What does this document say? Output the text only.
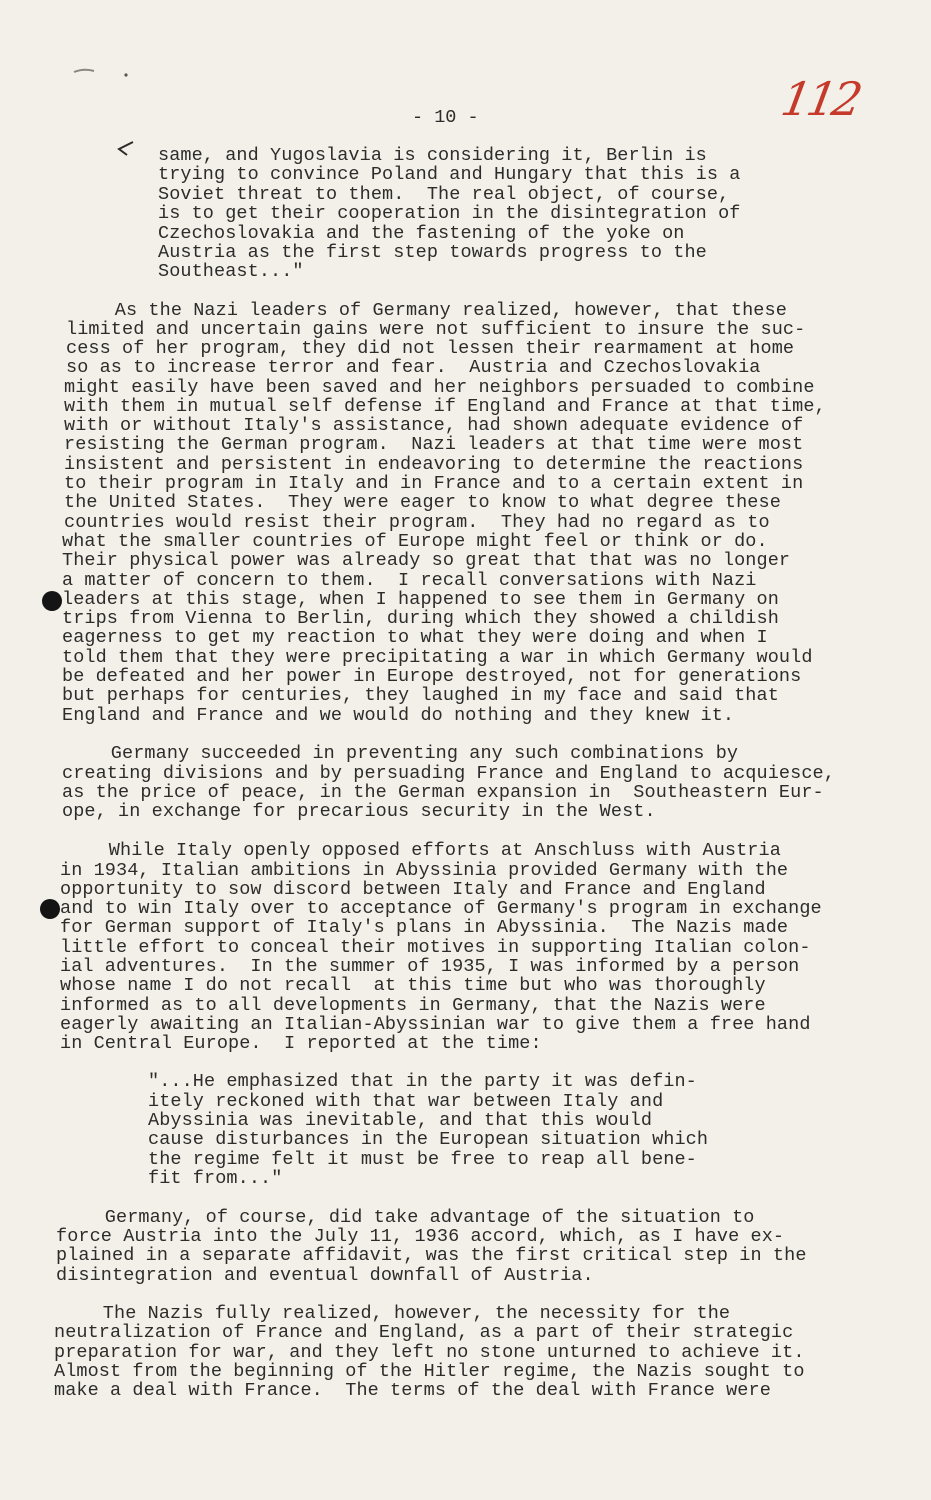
- 10 -	112
same, and Yugoslavia is considering it, Berlin is
trying to convince Poland and Hungary that this is a
Soviet threat to them.  The real object, of course,
is to get their cooperation in the disintegration of
Czechoslovakia and the fastening of the yoke on
Austria as the first step towards progress to the
Southeast..."
As the Nazi leaders of Germany realized, however, that these
limited and uncertain gains were not sufficient to insure the suc-
cess of her program, they did not lessen their rearmament at home
so as to increase terror and fear.  Austria and Czechoslovakia
might easily have been saved and her neighbors persuaded to combine
with them in mutual self defense if England and France at that time,
with or without Italy's assistance, had shown adequate evidence of
resisting the German program.  Nazi leaders at that time were most
insistent and persistent in endeavoring to determine the reactions
to their program in Italy and in France and to a certain extent in
the United States.  They were eager to know to what degree these
countries would resist their program.  They had no regard as to
what the smaller countries of Europe might feel or think or do.
Their physical power was already so great that that was no longer
a matter of concern to them.  I recall conversations with Nazi
leaders at this stage, when I happened to see them in Germany on
trips from Vienna to Berlin, during which they showed a childish
eagerness to get my reaction to what they were doing and when I
told them that they were precipitating a war in which Germany would
be defeated and her power in Europe destroyed, not for generations
but perhaps for centuries, they laughed in my face and said that
England and France and we would do nothing and they knew it.
Germany succeeded in preventing any such combinations by
creating divisions and by persuading France and England to acquiesce,
as the price of peace, in the German expansion in  Southeastern Eur-
ope, in exchange for precarious security in the West.
While Italy openly opposed efforts at Anschluss with Austria
in 1934, Italian ambitions in Abyssinia provided Germany with the
opportunity to sow discord between Italy and France and England
and to win Italy over to acceptance of Germany's program in exchange
for German support of Italy's plans in Abyssinia.  The Nazis made
little effort to conceal their motives in supporting Italian colon-
ial adventures.  In the summer of 1935, I was informed by a person
whose name I do not recall  at this time but who was thoroughly
informed as to all developments in Germany, that the Nazis were
eagerly awaiting an Italian-Abyssinian war to give them a free hand
in Central Europe.  I reported at the time:
"...He emphasized that in the party it was defin-
itely reckoned with that war between Italy and
Abyssinia was inevitable, and that this would
cause disturbances in the European situation which
the regime felt it must be free to reap all bene-
fit from..."
Germany, of course, did take advantage of the situation to
force Austria into the July 11, 1936 accord, which, as I have ex-
plained in a separate affidavit, was the first critical step in the
disintegration and eventual downfall of Austria.
The Nazis fully realized, however, the necessity for the
neutralization of France and England, as a part of their strategic
preparation for war, and they left no stone unturned to achieve it.
Almost from the beginning of the Hitler regime, the Nazis sought to
make a deal with France.  The terms of the deal with France were
